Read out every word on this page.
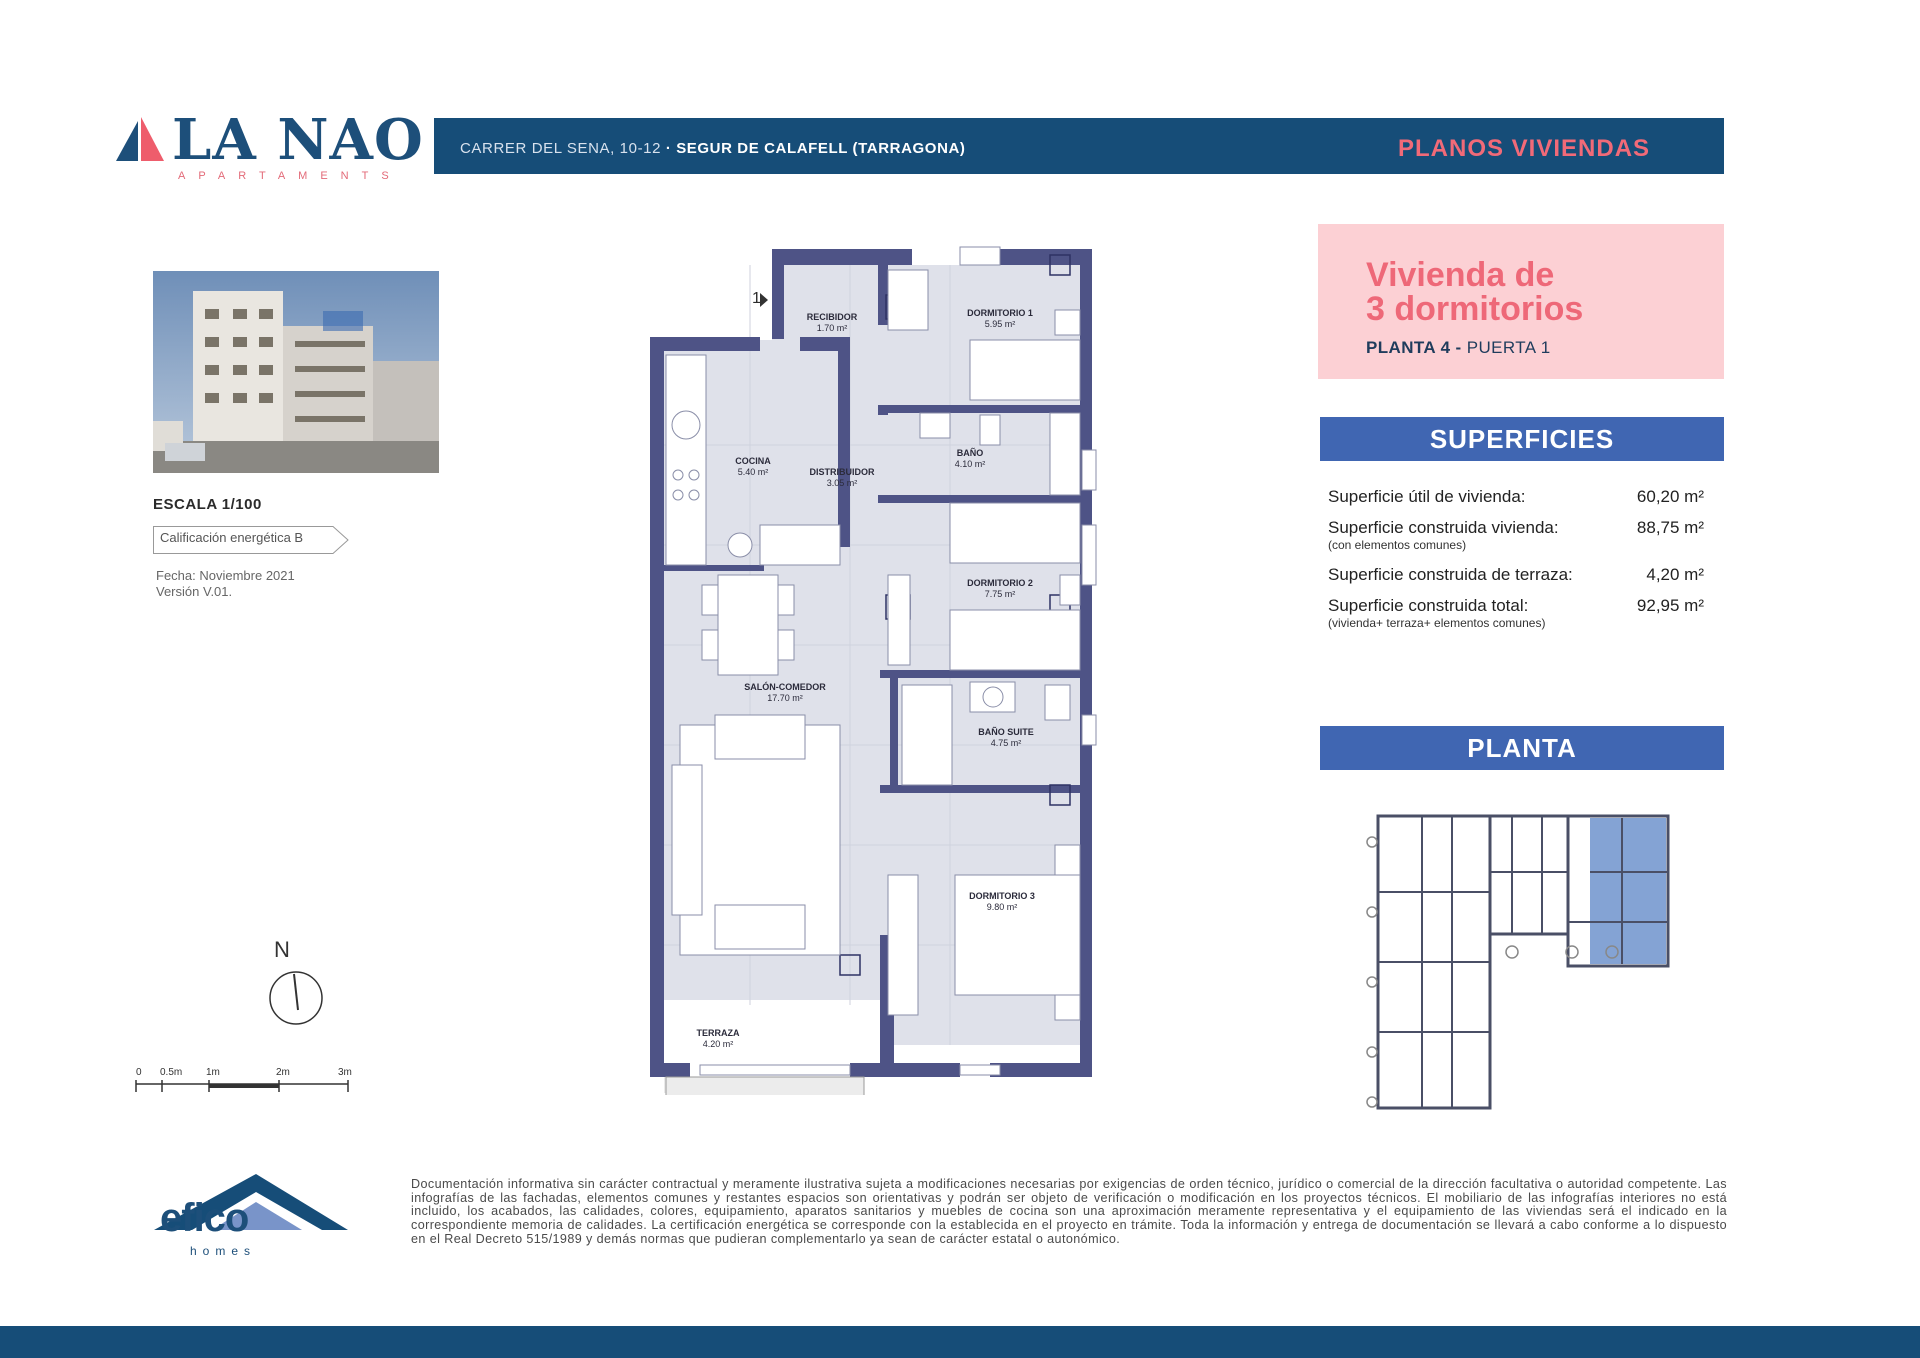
LA NAO
APARTAMENTS
CARRER DEL SENA, 10-12 · SEGUR DE CALAFELL (TARRAGONA)	PLANOS VIVIENDAS
ESCALA 1/100
Calificación energética B
Fecha: Noviembre 2021
Versión V.01.
N
0 0.5m 1m	2m	3m
1
RECIBIDOR
1.70 m²
DORMITORIO 1
5.95 m²
COCINA
5.40 m²	DISTRIBUIDOR
3.05 m²
BAÑO
4.10 m²
DORMITORIO 2
7.75 m²
SALÓN-COMEDOR
17.70 m²
BAÑO SUITE
4.75 m²
DORMITORIO 3
9.80 m²
TERRAZA
4.20 m²
Vivienda de
3 dormitorios
PLANTA 4 - PUERTA 1
SUPERFICIES
Superficie útil de vivienda:	60,20 m²
Superficie construida vivienda:
(con elementos comunes)
88,75 m²
Superficie construida de terraza:	4,20 m²
Superficie construida total:
(vivienda+ terraza+ elementos comunes)
92,95 m²
PLANTA
efico
homes
Documentación informativa sin carácter contractual y meramente ilustrativa sujeta a modificaciones necesarias por exigencias de orden técnico, jurídico o comercial de la dirección facultativa o autoridad competente. Las infografías de las fachadas, elementos comunes y restantes espacios son orientativas y podrán ser objeto de verificación o modificación en los proyectos técnicos. El mobiliario de las infografías interiores no está incluido, los acabados, las calidades, colores, equipamiento, aparatos sanitarios y muebles de cocina son una aproximación meramente representativa y el equipamiento de las viviendas será el indicado en la correspondiente memoria de calidades. La certificación energética se corresponde con la establecida en el proyecto en trámite. Toda la información y entrega de documentación se llevará a cabo conforme a lo dispuesto en el Real Decreto 515/1989 y demás normas que pudieran complementarlo ya sean de carácter estatal o autonómico.
